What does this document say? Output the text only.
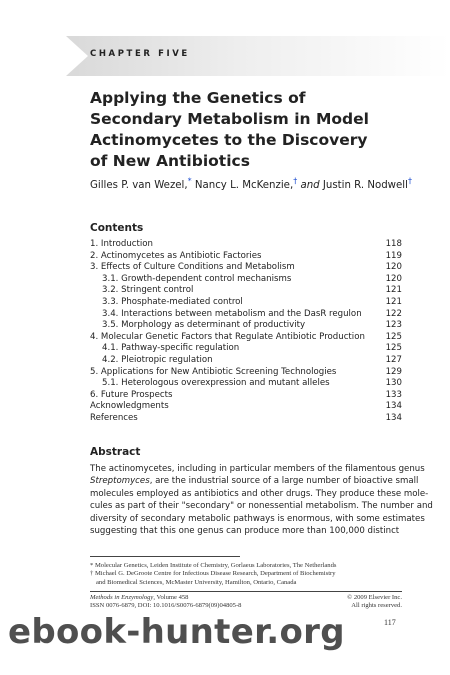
CHAPTER FIVE
Applying the Genetics of
Secondary Metabolism in Model
Actinomycetes to the Discovery
of New Antibiotics
Gilles P. van Wezel,* Nancy L. McKenzie,† and Justin R. Nodwell†
Contents
1. Introduction	118
2. Actinomycetes as Antibiotic Factories	119
3. Effects of Culture Conditions and Metabolism	120
3.1. Growth-dependent control mechanisms	120
3.2. Stringent control	121
3.3. Phosphate-mediated control	121
3.4. Interactions between metabolism and the DasR regulon	122
3.5. Morphology as determinant of productivity	123
4. Molecular Genetic Factors that Regulate Antibiotic Production 125
4.1. Pathway-specific regulation	125
4.2. Pleiotropic regulation	127
5. Applications for New Antibiotic Screening Technologies	129
5.1. Heterologous overexpression and mutant alleles	130
6. Future Prospects	133
Acknowledgments	134
References	134
Abstract
The actinomycetes, including in particular members of the filamentous genus
Streptomyces, are the industrial source of a large number of bioactive small
molecules employed as antibiotics and other drugs. They produce these mole-
cules as part of their "secondary" or nonessential metabolism. The number and
diversity of secondary metabolic pathways is enormous, with some estimates
suggesting that this one genus can produce more than 100,000 distinct
* Molecular Genetics, Leiden Institute of Chemistry, Gorlaeus Laboratories, The Netherlands
† Michael G. DeGroote Centre for Infectious Disease Research, Department of Biochemistry
and Biomedical Sciences, McMaster University, Hamilton, Ontario, Canada
Methods in Enzymology, Volume 458	© 2009 Elsevier Inc.
ISSN 0076-6879, DOI: 10.1016/S0076-6879(09)04805-8	All rights reserved.
117
ebook-hunter.org
